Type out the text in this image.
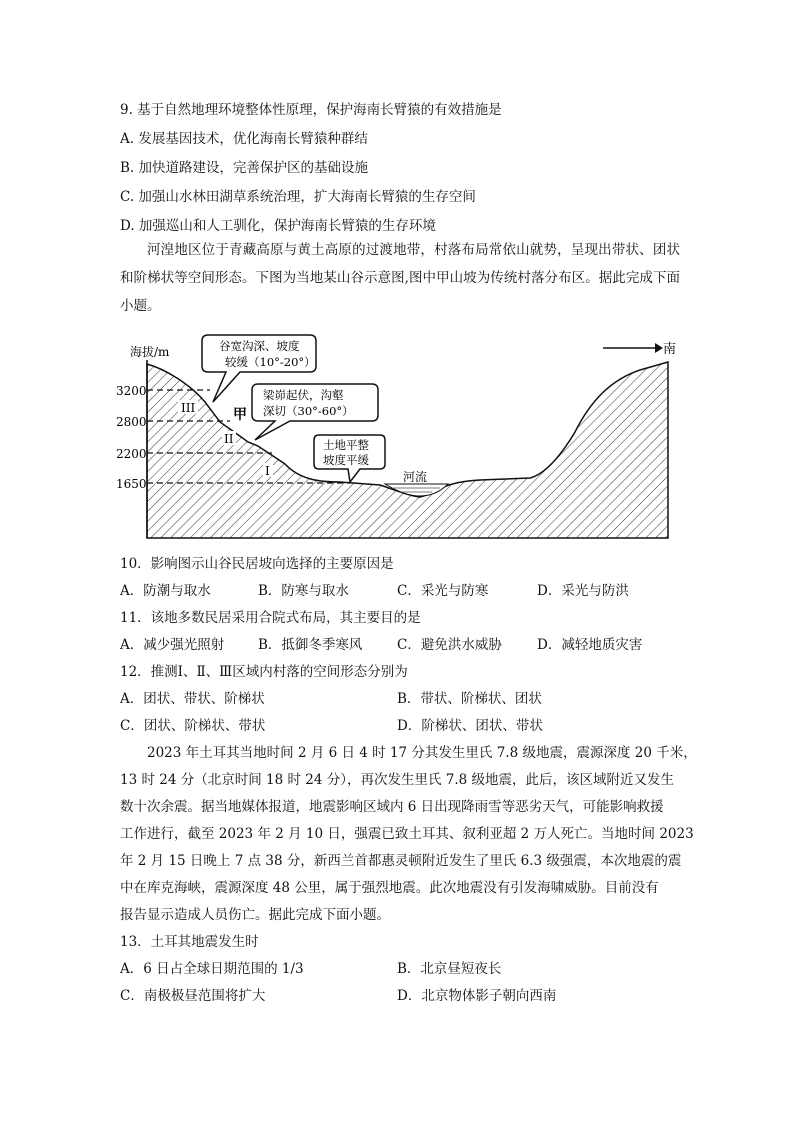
9. 基于自然地理环境整体性原理，保护海南长臂猿的有效措施是
A. 发展基因技术，优化海南长臂猿种群结
B. 加快道路建设，完善保护区的基础设施
C. 加强山水林田湖草系统治理，扩大海南长臂猿的生存空间
D. 加强巡山和人工驯化，保护海南长臂猿的生存环境
河湟地区位于青藏高原与黄土高原的过渡地带，村落布局常依山就势，呈现出带状、团状和阶梯状等空间形态。下图为当地某山谷示意图,图中甲山坡为传统村落分布区。据此完成下面小题。
海拔/m
3200
2800
2200
1650
III
II
I
甲
河流
南
谷宽沟深、坡度
较缓（10°-20°）
梁峁起伏，沟壑
深切（30°-60°）
土地平整
坡度平缓
10．影响图示山谷民居坡向选择的主要原因是
A．防潮与取水	B．防寒与取水	C．采光与防寒	D．采光与防洪
11．该地多数民居采用合院式布局，其主要目的是
A．减少强光照射	B．抵御冬季寒风	C．避免洪水威胁	D．减轻地质灾害
12．推测Ⅰ、Ⅱ、Ⅲ区域内村落的空间形态分别为
A．团状、带状、阶梯状	B．带状、阶梯状、团状
C．团状、阶梯状、带状	D．阶梯状、团状、带状
2023 年土耳其当地时间 2 月 6 日 4 时 17 分其发生里氏 7.8 级地震，震源深度 20 千米，
13 时 24 分（北京时间 18 时 24 分），再次发生里氏 7.8 级地震，此后，该区域附近又发生
数十次余震。据当地媒体报道，地震影响区域内 6 日出现降雨雪等恶劣天气，可能影响救援
工作进行，截至 2023 年 2 月 10 日，强震已致土耳其、叙利亚超 2 万人死亡。当地时间 2023
年 2 月 15 日晚上 7 点 38 分，新西兰首都惠灵顿附近发生了里氏 6.3 级强震，本次地震的震
中在库克海峡，震源深度 48 公里，属于强烈地震。此次地震没有引发海啸威胁。目前没有
报告显示造成人员伤亡。据此完成下面小题。
13．土耳其地震发生时
A．6 日占全球日期范围的 1/3	B．北京昼短夜长
C．南极极昼范围将扩大	D．北京物体影子朝向西南
